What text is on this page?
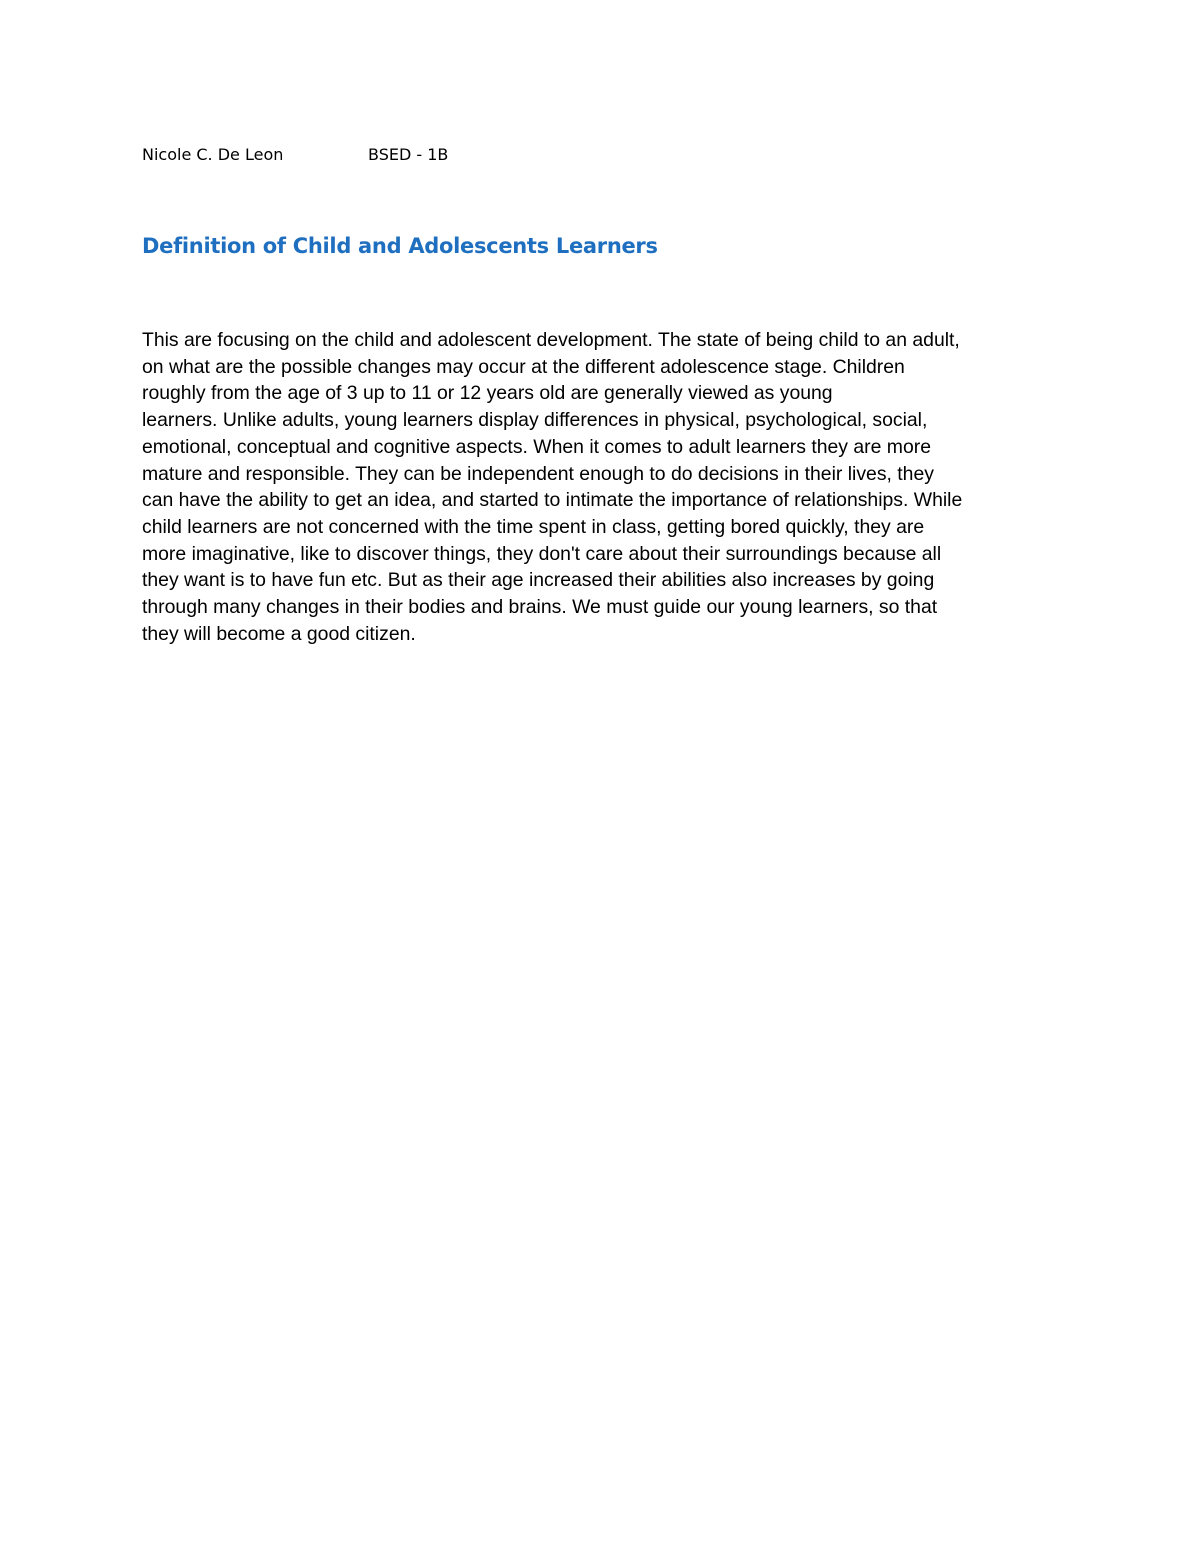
Nicole C. De Leon	BSED - 1B
Definition of Child and Adolescents Learners
This are focusing on the child and adolescent development. The state of being child to an adult,
on what are the possible changes may occur at the different adolescence stage. Children
roughly from the age of 3 up to 11 or 12 years old are generally viewed as young
learners. Unlike adults, young learners display differences in physical, psychological, social,
emotional, conceptual and cognitive aspects. When it comes to adult learners they are more
mature and responsible. They can be independent enough to do decisions in their lives, they
can have the ability to get an idea, and started to intimate the importance of relationships. While
child learners are not concerned with the time spent in class, getting bored quickly, they are
more imaginative, like to discover things, they don't care about their surroundings because all
they want is to have fun etc. But as their age increased their abilities also increases by going
through many changes in their bodies and brains. We must guide our young learners, so that
they will become a good citizen.
